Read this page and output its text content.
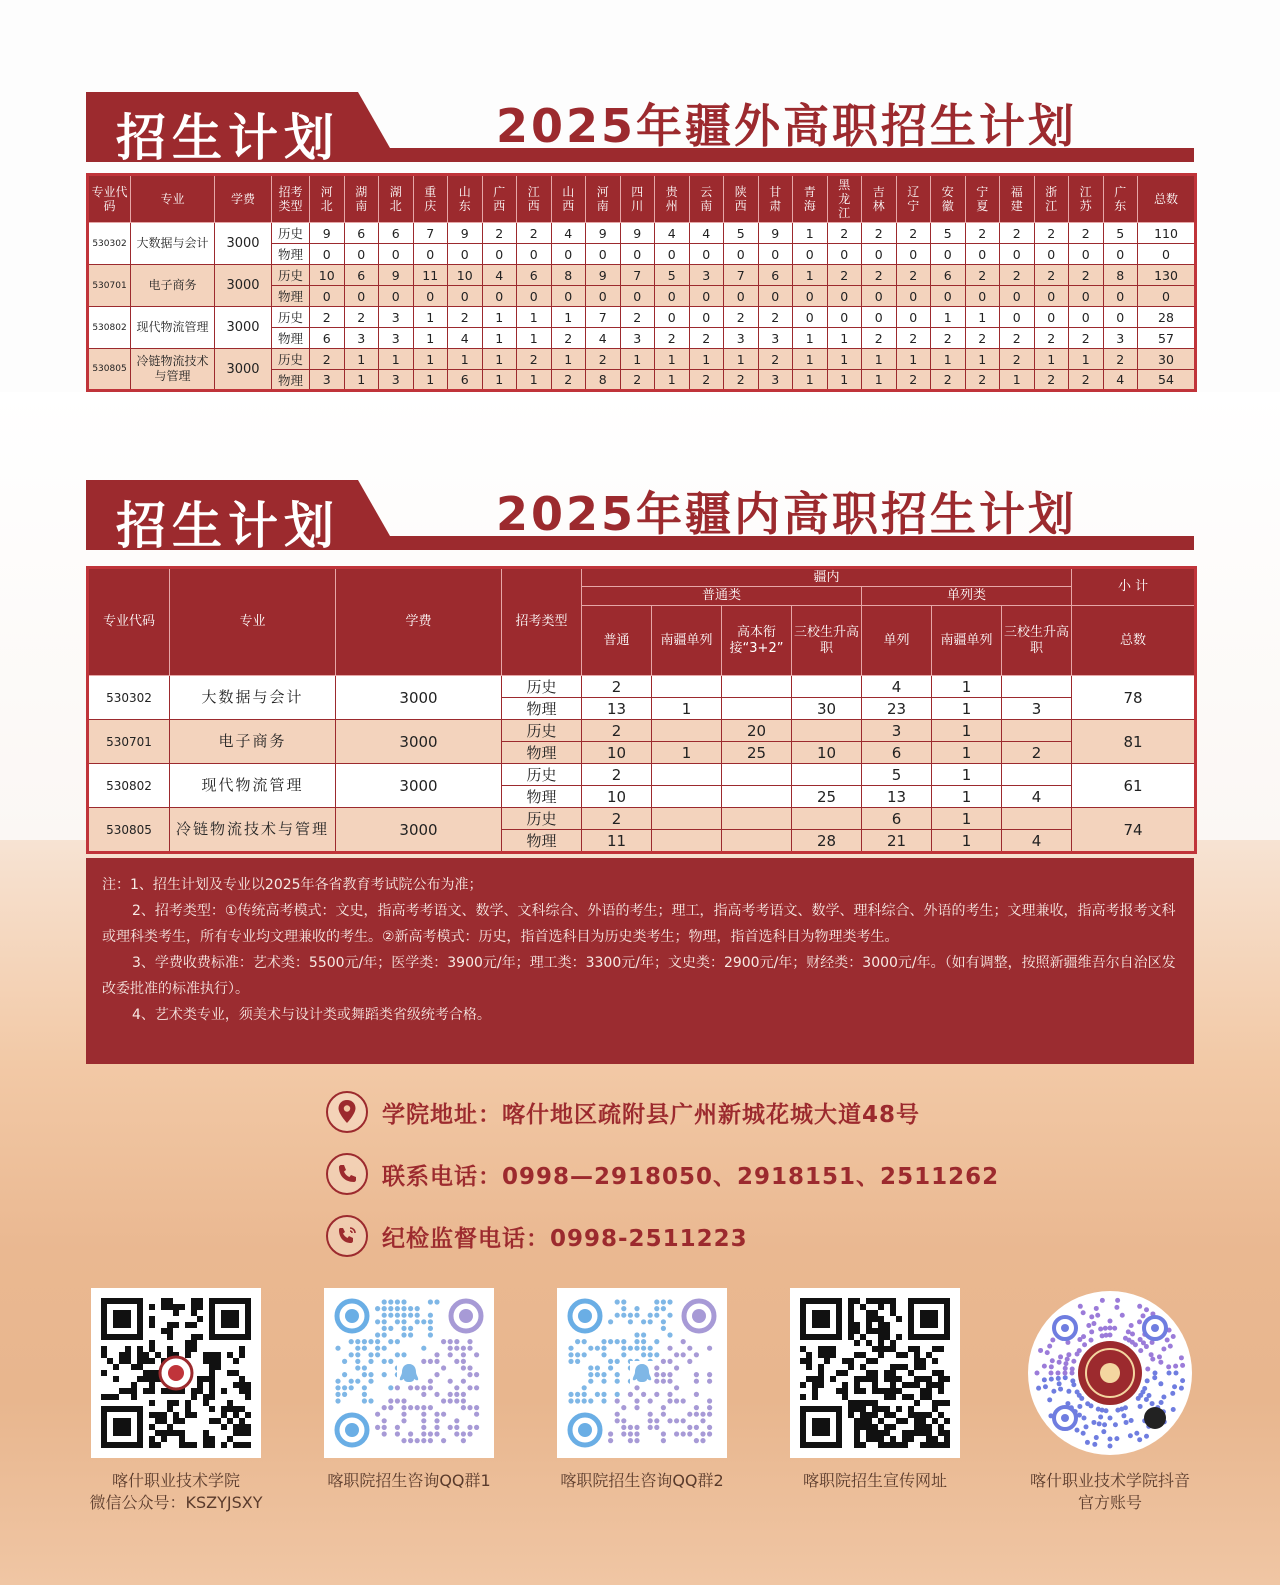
招生计划	2025年疆外高职招生计划
专业代码	专业	学费	招考类型	河北	湖南	湖北	重庆	山东	广西	江西	山西	河南	四川	贵州	云南	陕西	甘肃	青海	黑龙江	吉林	辽宁	安徽	宁夏	福建	浙江	江苏	广东	总数
530302	大数据与会计	3000	历史	9	6	6	7	9	2	2	4	9	9	4	4	5	9	1	2	2	2	5	2	2	2	2	5	110
			物理	0	0	0	0	0	0	0	0	0	0	0	0	0	0	0	0	0	0	0	0	0	0	0	0	0
530701	电子商务	3000	历史	10	6	9	11	10	4	6	8	9	7	5	3	7	6	1	2	2	2	6	2	2	2	2	8	130
			物理	0	0	0	0	0	0	0	0	0	0	0	0	0	0	0	0	0	0	0	0	0	0	0	0	0
530802	现代物流管理	3000	历史	2	2	3	1	2	1	1	1	7	2	0	0	2	2	0	0	0	0	1	1	0	0	0	0	28
			物理	6	3	3	1	4	1	1	2	4	3	2	2	3	3	1	1	2	2	2	2	2	2	2	3	57
530805	冷链物流技术与管理	3000	历史	2	1	1	1	1	1	2	1	2	1	1	1	1	2	1	1	1	1	1	1	2	1	1	2	30
			物理	3	1	3	1	6	1	1	2	8	2	1	2	2	3	1	1	1	2	2	2	1	2	2	4	54
招生计划	2025年疆内高职招生计划
专业代码	专业	学费	招考类型	疆内							小 计
				普通类				单列类			
				普通	南疆单列	高本衔接“3+2”	三校生升高职	单列	南疆单列	三校生升高职	总数
530302	大数据与会计	3000	历史	2				4	1		78
			物理	13	1		30	23	1	3	
530701	电子商务	3000	历史	2		20		3	1		81
			物理	10	1	25	10	6	1	2	
530802	现代物流管理	3000	历史	2				5	1		61
			物理	10			25	13	1	4	
530805	冷链物流技术与管理	3000	历史	2				6	1		74
			物理	11			28	21	1	4	

注：1、招生计划及专业以2025年各省教育考试院公布为准；

2、招考类型：①传统高考模式：文史，指高考考语文、数学、文科综合、外语的考生；理工，指高考考语文、数学、理科综合、外语的考生；文理兼收，指高考报考文科或理科类考生，所有专业均文理兼收的考生。②新高考模式：历史，指首选科目为历史类考生；物理，指首选科目为物理类考生。

3、学费收费标准：艺术类：5500元/年；医学类：3900元/年；理工类：3300元/年；文史类：2900元/年；财经类：3000元/年。（如有调整，按照新疆维吾尔自治区发改委批准的标准执行）。

4、艺术类专业，须美术与设计类或舞蹈类省级统考合格。

学院地址：喀什地区疏附县广州新城花城大道48号
联系电话：0998—2918050、2918151、2511262
纪检监督电话：0998-2511223
喀什职业技术学院
微信公众号：KSZYJSXY
喀职院招生咨询QQ群1	喀职院招生咨询QQ群2	喀职院招生宣传网址	喀什职业技术学院抖音
官方账号
